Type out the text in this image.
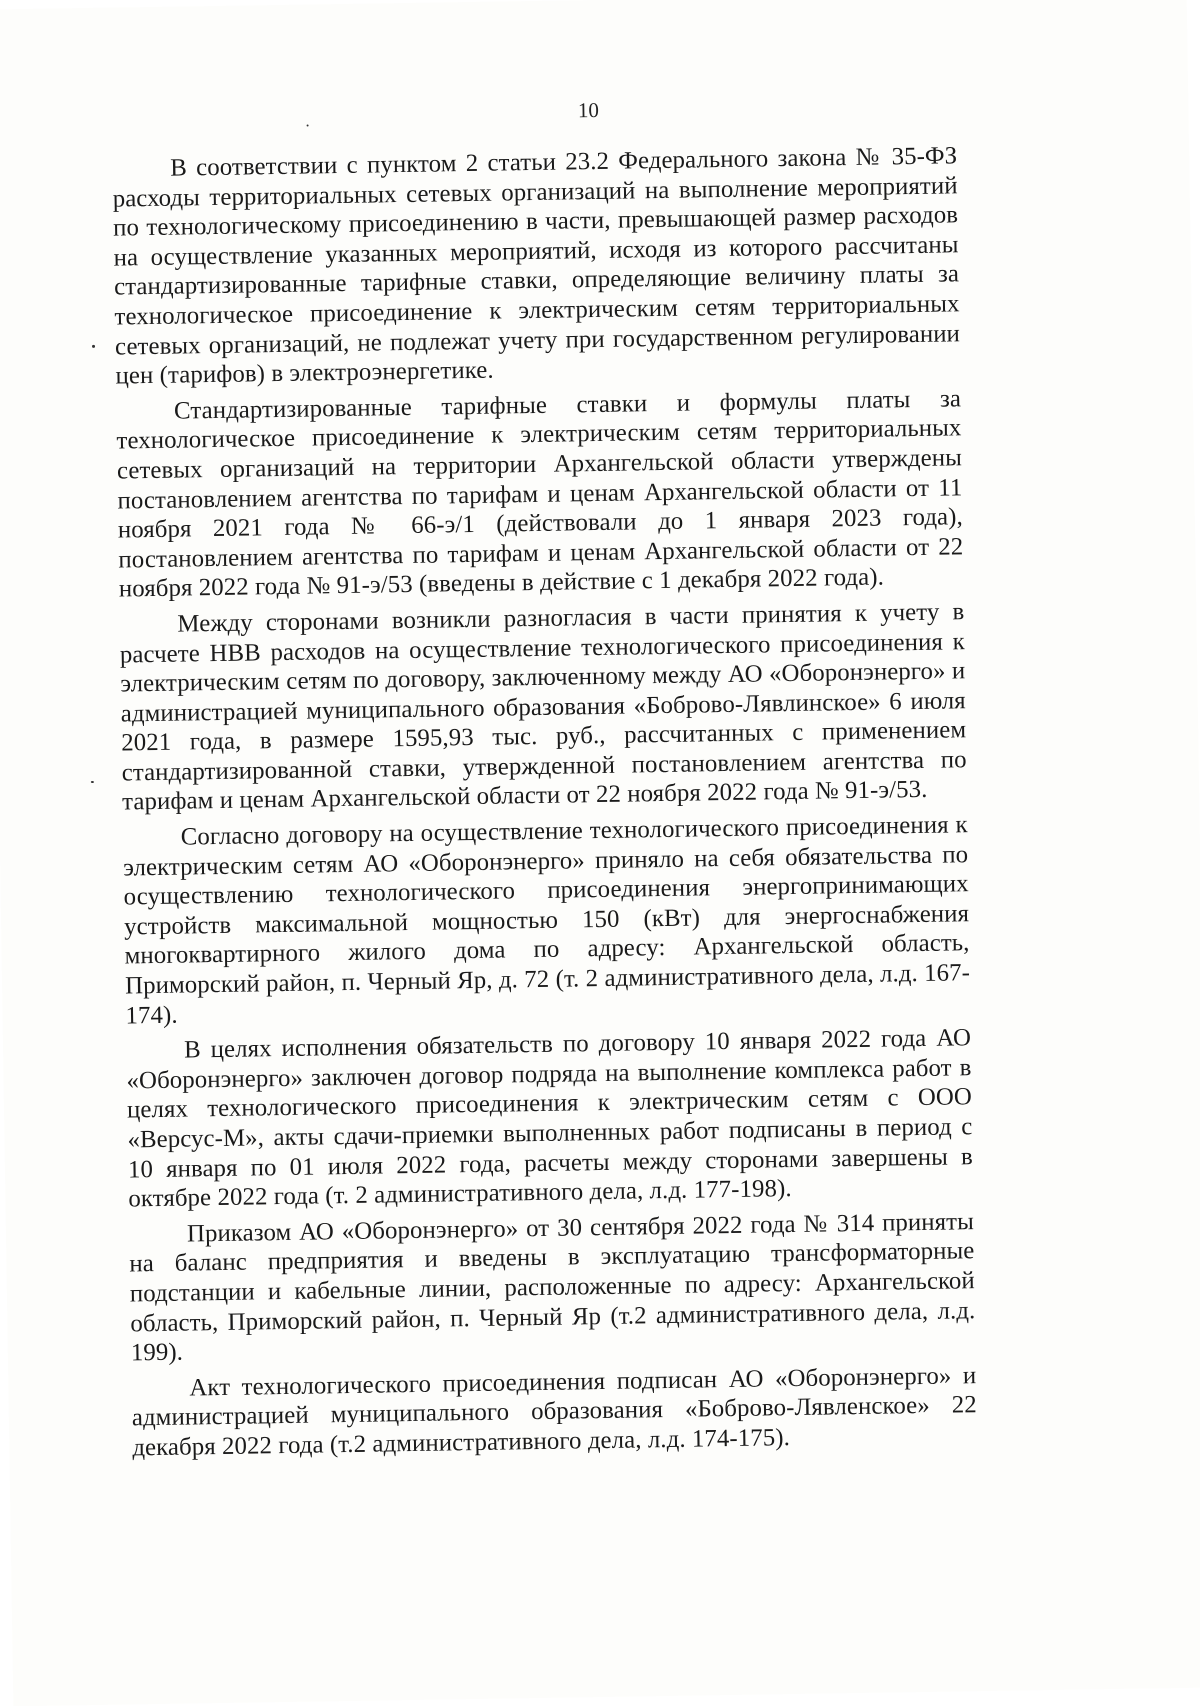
10

В соответствии с пунктом 2 статьи 23.2 Федерального закона № 35-ФЗ расходы территориальных сетевых организаций на выполнение мероприятий по технологическому присоединению в части, превышающей размер расходов на осуществление указанных мероприятий, исходя из которого рассчитаны стандартизированные тарифные ставки, определяющие величину платы за технологическое присоединение к электрическим сетям территориальных сетевых организаций, не подлежат учету при государственном регулировании цен (тарифов) в электроэнергетике.

Стандартизированные тарифные ставки и формулы платы за технологическое присоединение к электрическим сетям территориальных сетевых организаций на территории Архангельской области утверждены постановлением агентства по тарифам и ценам Архангельской области от 11 ноября 2021 года № 66-э/1 (действовали до 1 января 2023 года), постановлением агентства по тарифам и ценам Архангельской области от 22 ноября 2022 года № 91-э/53 (введены в действие с 1 декабря 2022 года).

Между сторонами возникли разногласия в части принятия к учету в расчете НВВ расходов на осуществление технологического присоединения к электрическим сетям по договору, заключенному между АО «Оборонэнерго» и администрацией муниципального образования «Боброво-Лявлинское» 6 июля 2021 года, в размере 1595,93 тыс. руб., рассчитанных с применением стандартизированной ставки, утвержденной постановлением агентства по тарифам и ценам Архангельской области от 22 ноября 2022 года № 91-э/53.

Согласно договору на осуществление технологического присоединения к электрическим сетям АО «Оборонэнерго» приняло на себя обязательства по осуществлению технологического присоединения энергопринимающих устройств максимальной мощностью 150 (кВт) для энергоснабжения многоквартирного жилого дома по адресу: Архангельской область, Приморский район, п. Черный Яр, д. 72 (т. 2 административного дела, л.д. 167-174).

В целях исполнения обязательств по договору 10 января 2022 года АО «Оборонэнерго» заключен договор подряда на выполнение комплекса работ в целях технологического присоединения к электрическим сетям с ООО «Версус-М», акты сдачи-приемки выполненных работ подписаны в период с 10 января по 01 июля 2022 года, расчеты между сторонами завершены в октябре 2022 года (т. 2 административного дела, л.д. 177-198).

Приказом АО «Оборонэнерго» от 30 сентября 2022 года № 314 приняты на баланс предприятия и введены в эксплуатацию трансформаторные подстанции и кабельные линии, расположенные по адресу: Архангельской область, Приморский район, п. Черный Яр (т.2 административного дела, л.д. 199).

Акт технологического присоединения подписан АО «Оборонэнерго» и администрацией муниципального образования «Боброво-Лявленское» 22 декабря 2022 года (т.2 административного дела, л.д. 174-175).
